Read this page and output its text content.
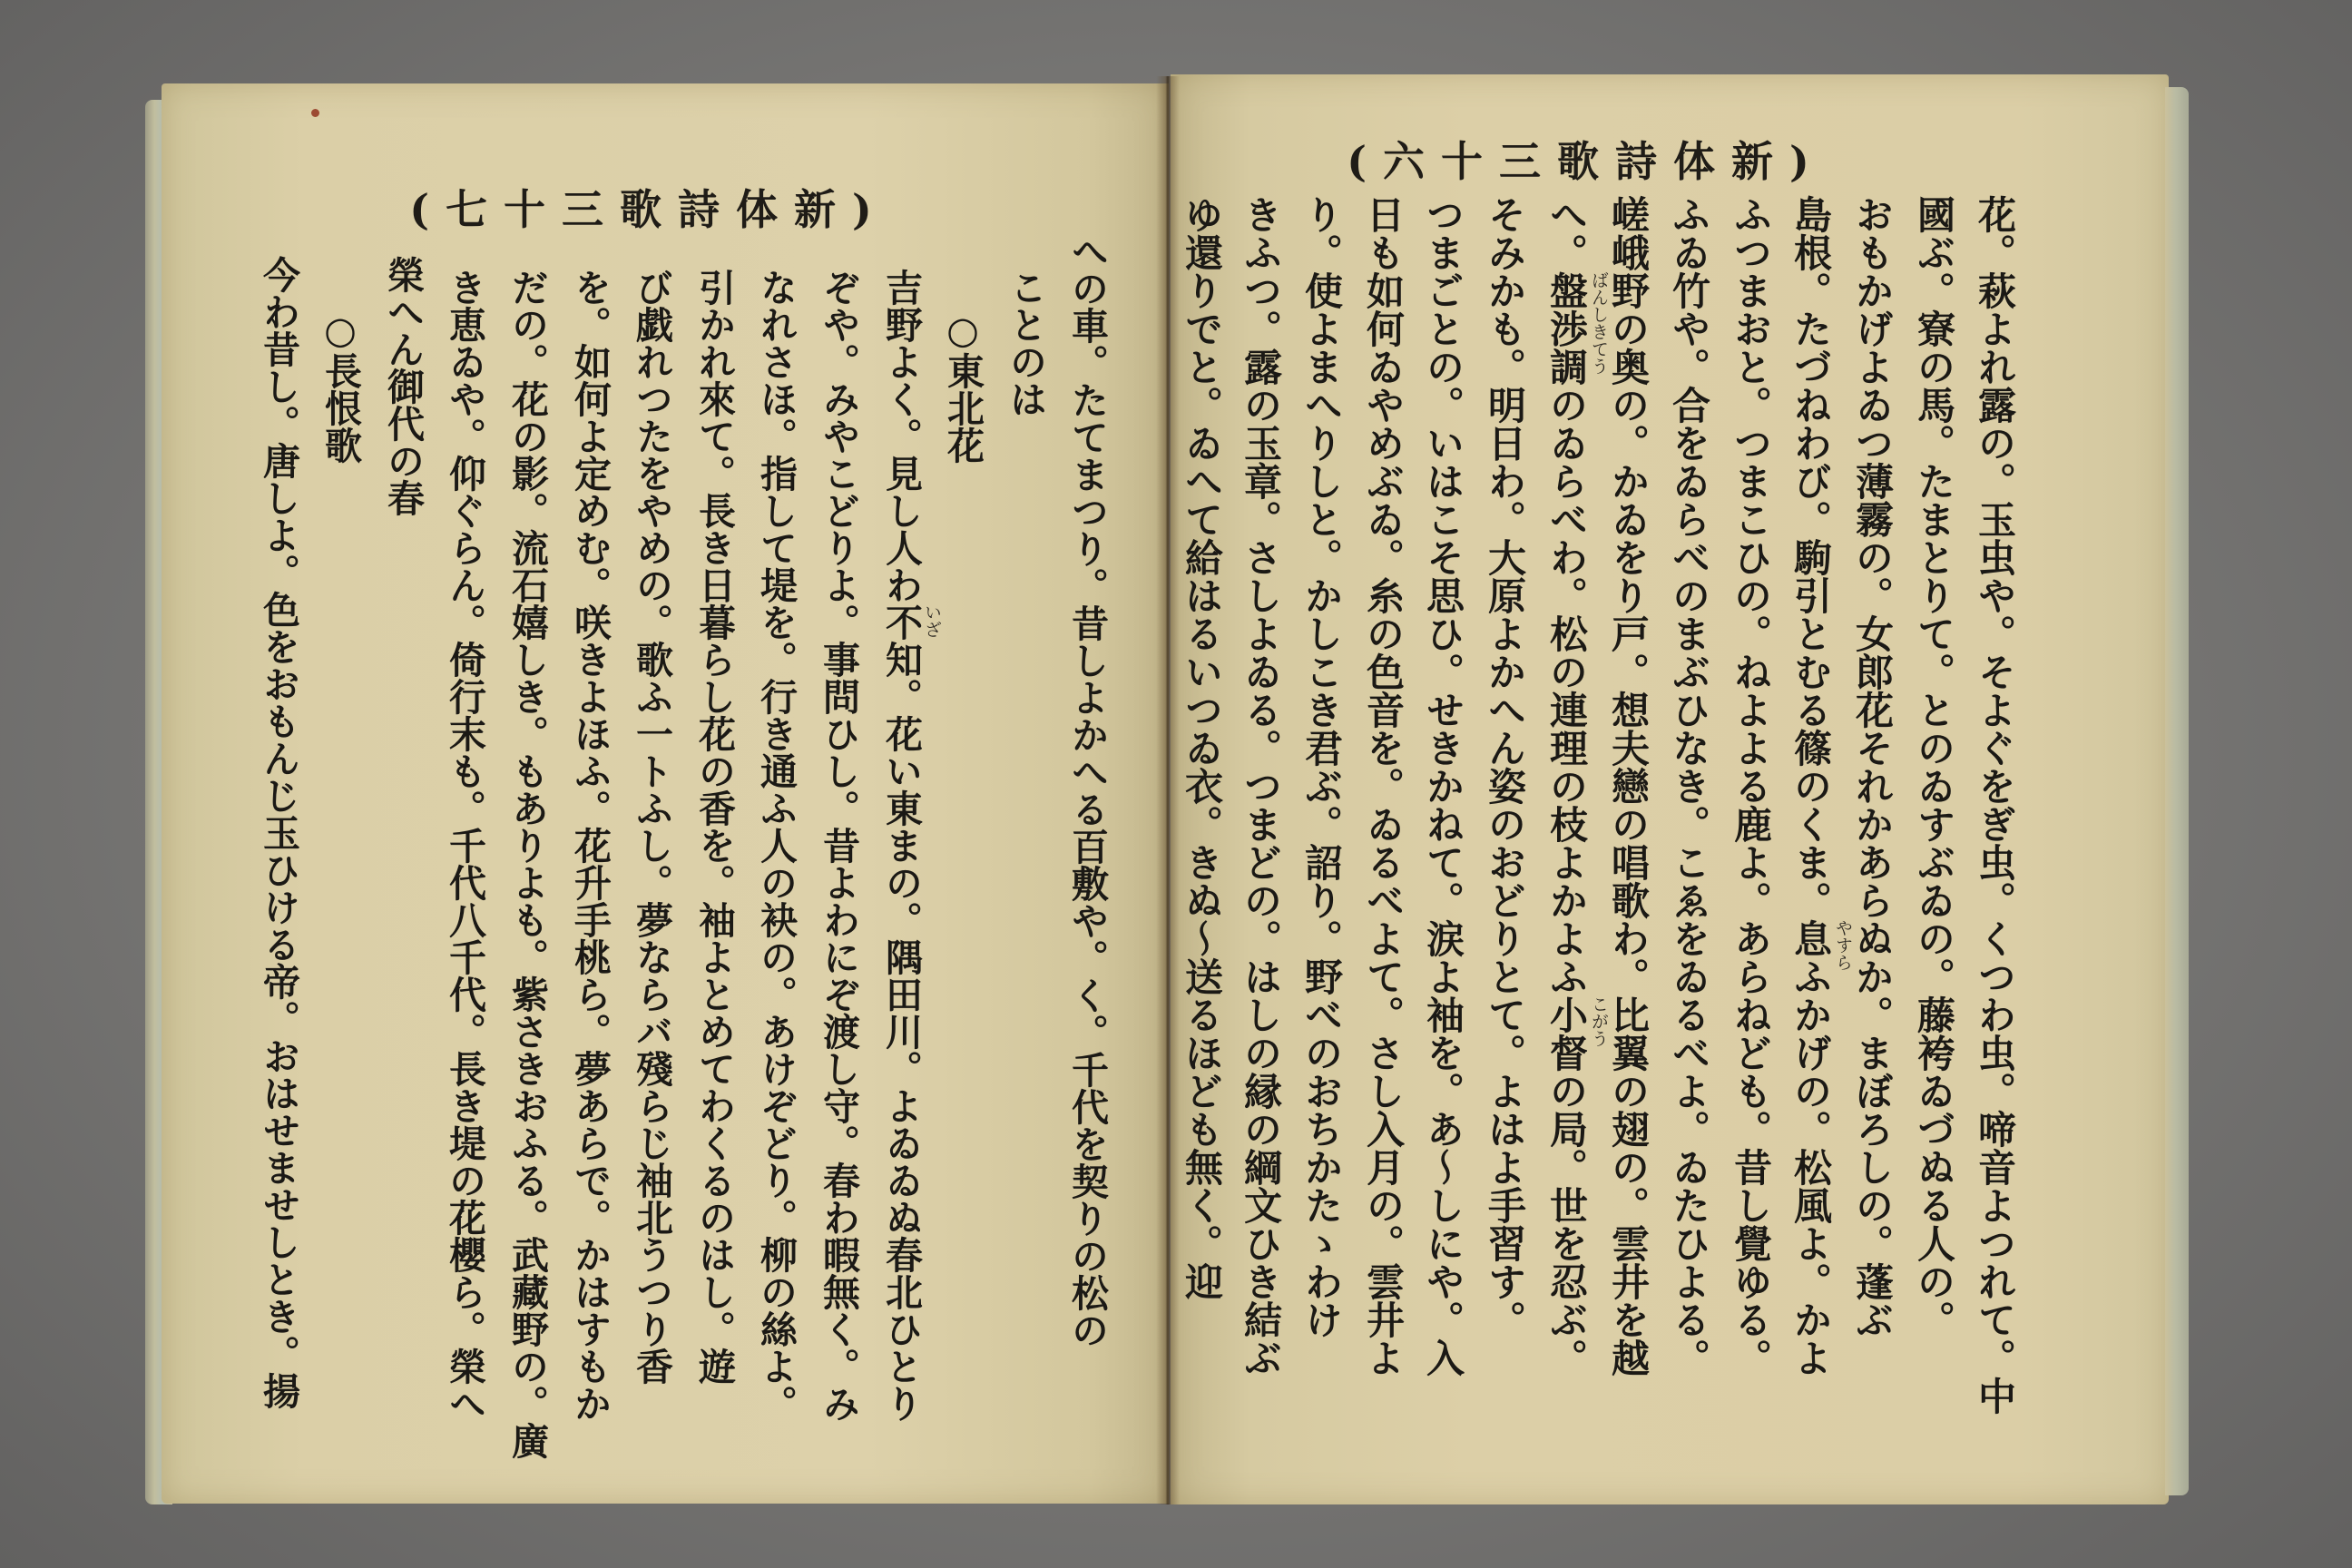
(六十三歌詩体新)
花。萩よれ露の。玉虫や。そよぐをぎ虫。くつわ虫。啼音よつれて。中
國ぶ。寮の馬。たまとりて。とのゐすぶゐの。藤袴ゐづぬる人の。
おもかげよゐつ薄霧の。女郎花それかあらぬか。まぼろしの。蓬ぶ
島根。たづねわび。駒引とむる篠のくま。息ふかげの。松風よ。かよ
ふつまおと。つまこひの。ねよよる鹿よ。あらねども。昔し覺ゆる。
ふゐ竹や。合をゐらべのまぶひなき。こゑをゐるべよ。ゐたひよる。
嵯峨野の奥の。かゐをり戸。想夫戀の唱歌わ。比翼の翅の。雲井を越
へ。盤渉調のゐらべわ。松の連理の枝よかよふ小督の局。世を忍ぶ。
そみかも。明日わ。大原よかへん姿のおどりとて。よはよ手習す。
つまごとの。いはこそ思ひ。せきかねて。涙よ袖を。あ〜しにや。入
日も如何ゐやめぶゐ。糸の色音を。ゐるべよて。さし入月の。雲井よ
り。使よまへりしと。かしこき君ぶ。詔り。野べのおちかたゝわけ
きふつ。露の玉章。さしよゐる。つまどの。はしの縁の綱文ひき結ぶ
ゆ還りでと。ゐへて給はるいつゐ衣。きぬ〜送るほども無く。迎	やすら
ばんしきてう
こがう
(七十三歌詩体新)
への車。たてまつり。昔しよかへる百敷や。く。千代を契りの松の
ことのは
○東北花
吉野よく。見し人わ不知。花い東まの。隅田川。よゐゐぬ春北ひとり
ぞや。みやこどりよ。事問ひし。昔よわにぞ渡し守。春わ暇無く。み
なれさほ。指して堤を。行き通ふ人の袂の。あけぞどり。柳の絲よ。
引かれ來て。長き日暮らし花の香を。袖よとめてわくるのはし。遊
び戯れつたをやめの。歌ふ一トふし。夢ならバ殘らじ袖北うつり香
を。如何よ定めむ。咲きよほふ。花升手桃ら。夢あらで。かはすもか
だの。花の影。流石嬉しき。もありよも。紫さきおふる。武藏野の。廣
き恵ゐや。仰ぐらん。倚行末も。千代八千代。長き堤の花櫻ら。榮へ
榮へん御代の春
○長恨歌
今わ昔し。唐しよ。色をおもんじ玉ひける帝。おはせませしとき。揚	いざ
